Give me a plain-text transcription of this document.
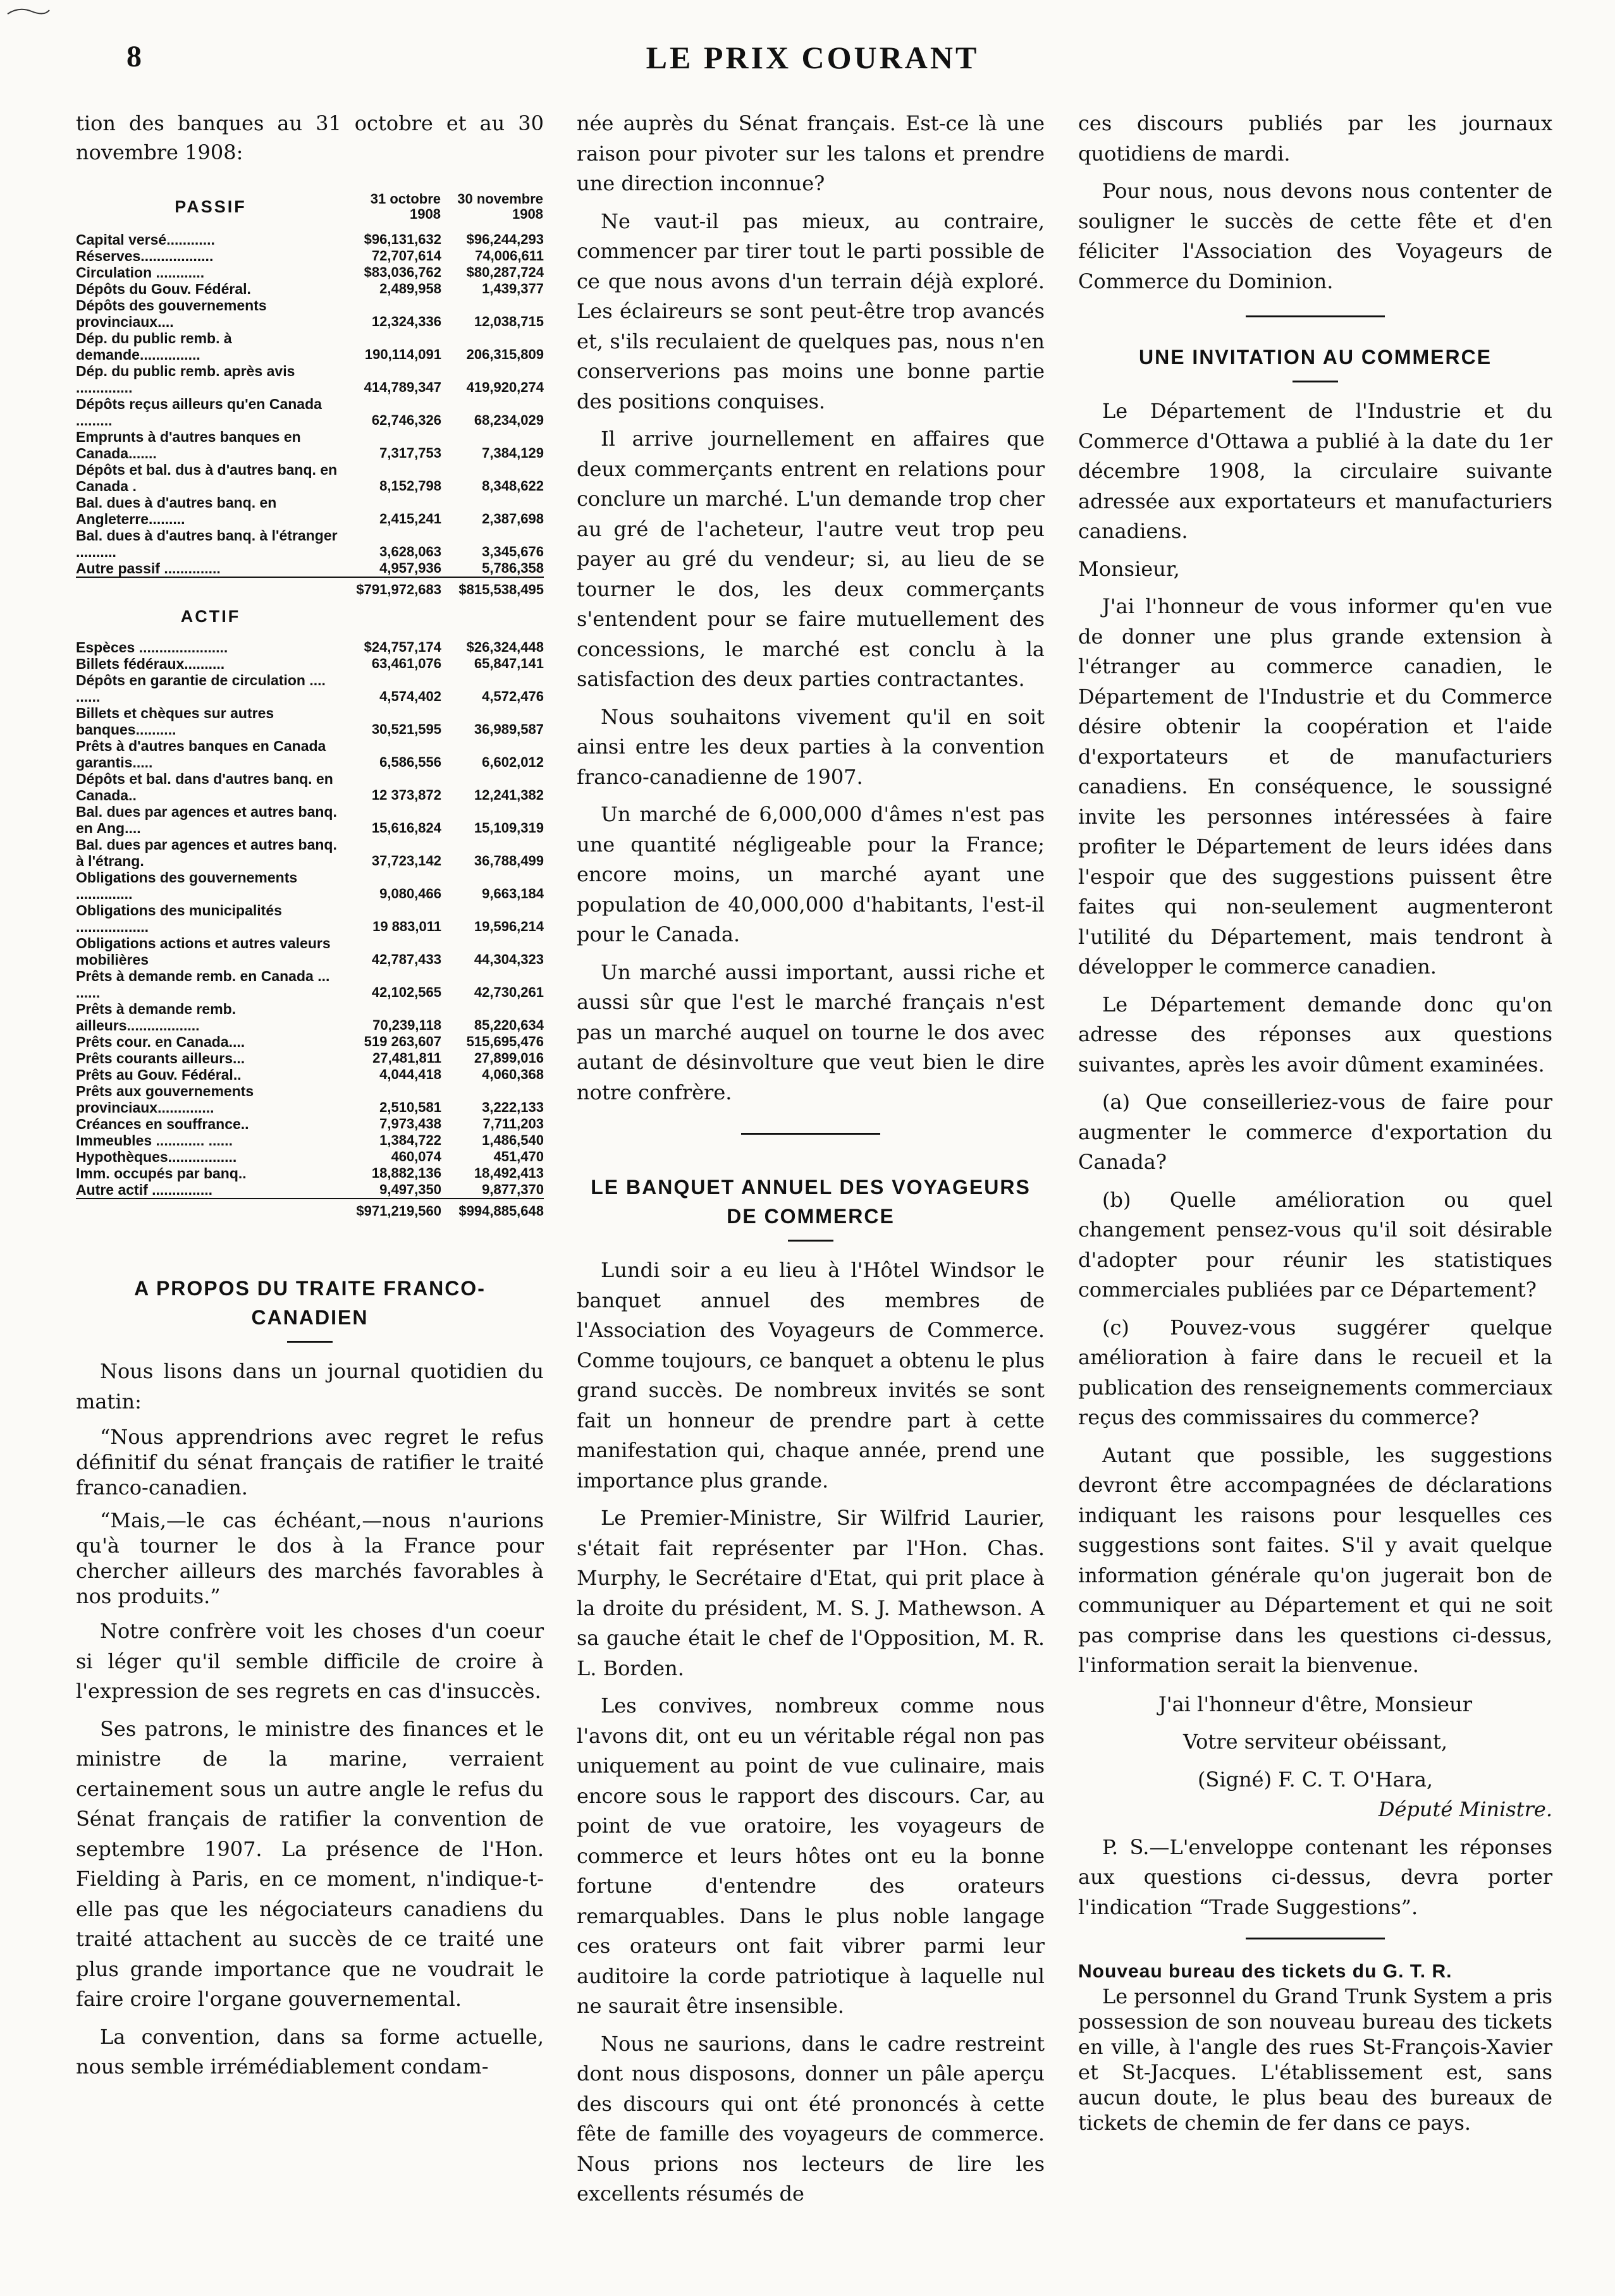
8	LE PRIX COURANT

tion des banques au 31 octobre et au 30 novembre 1908:

PASSIF	31 octobre 1908	30 novembre 1908

Capital versé............	$96,131,632	$96,244,293
Réserves..................	72,707,614	74,006,611
Circulation ............	$83,036,762	$80,287,724
Dépôts du Gouv. Fédéral.	2,489,958	1,439,377
Dépôts des gouvernements provinciaux....	12,324,336	12,038,715
Dép. du public remb. à demande...............	190,114,091	206,315,809
Dép. du public remb. après avis ..............	414,789,347	419,920,274
Dépôts reçus ailleurs qu'en Canada .........	62,746,326	68,234,029
Emprunts à d'autres banques en Canada.......	7,317,753	7,384,129
Dépôts et bal. dus à d'autres banq. en Canada .	8,152,798	8,348,622
Bal. dues à d'autres banq. en Angleterre.........	2,415,241	2,387,698
Bal. dues à d'autres banq. à l'étranger ..........	3,628,063	3,345,676
Autre passif ..............	4,957,936	5,786,358
	$791,972,683	$815,538,495
ACTIF		
Espèces ......................	$24,757,174	$26,324,448
Billets fédéraux..........	63,461,076	65,847,141
Dépôts en garantie de circulation .... ......	4,574,402	4,572,476
Billets et chèques sur autres banques..........	30,521,595	36,989,587
Prêts à d'autres banques en Canada garantis.....	6,586,556	6,602,012
Dépôts et bal. dans d'autres banq. en Canada..	12 373,872	12,241,382
Bal. dues par agences et autres banq. en Ang....	15,616,824	15,109,319
Bal. dues par agences et autres banq. à l'étrang.	37,723,142	36,788,499
Obligations des gouvernements ..............	9,080,466	9,663,184
Obligations des municipalités ..................	19 883,011	19,596,214
Obligations actions et autres valeurs mobilières	42,787,433	44,304,323
Prêts à demande remb. en Canada ... ......	42,102,565	42,730,261
Prêts à demande remb. ailleurs..................	70,239,118	85,220,634
Prêts cour. en Canada....	519 263,607	515,695,476
Prêts courants ailleurs...	27,481,811	27,899,016
Prêts au Gouv. Fédéral..	4,044,418	4,060,368
Prêts aux gouvernements provinciaux..............	2,510,581	3,222,133
Créances en souffrance..	7,973,438	7,711,203
Immeubles ............ ......	1,384,722	1,486,540
Hypothèques.................	460,074	451,470
Imm. occupés par banq..	18,882,136	18,492,413
Autre actif ...............	9,497,350	9,877,370
	$971,219,560	$994,885,648
A PROPOS DU TRAITE FRANCO-CANADIEN

Nous lisons dans un journal quotidien du matin:

“Nous apprendrions avec regret le refus définitif du sénat français de ratifier le traité franco-canadien.

“Mais,—le cas échéant,—nous n'aurions qu'à tourner le dos à la France pour chercher ailleurs des marchés favorables à nos produits.”

Notre confrère voit les choses d'un coeur si léger qu'il semble difficile de croire à l'expression de ses regrets en cas d'insuccès.

Ses patrons, le ministre des finances et le ministre de la marine, verraient certainement sous un autre angle le refus du Sénat français de ratifier la convention de septembre 1907. La présence de l'Hon. Fielding à Paris, en ce moment, n'indique-t-elle pas que les négociateurs canadiens du traité attachent au succès de ce traité une plus grande importance que ne voudrait le faire croire l'organe gouvernemental.

La convention, dans sa forme actuelle, nous semble irrémédiablement condam-

née auprès du Sénat français. Est-ce là une raison pour pivoter sur les talons et prendre une direction inconnue?

Ne vaut-il pas mieux, au contraire, commencer par tirer tout le parti possible de ce que nous avons d'un terrain déjà exploré. Les éclaireurs se sont peut-être trop avancés et, s'ils reculaient de quelques pas, nous n'en conserverions pas moins une bonne partie des positions conquises.

Il arrive journellement en affaires que deux commerçants entrent en relations pour conclure un marché. L'un demande trop cher au gré de l'acheteur, l'autre veut trop peu payer au gré du vendeur; si, au lieu de se tourner le dos, les deux commerçants s'entendent pour se faire mutuellement des concessions, le marché est conclu à la satisfaction des deux parties contractantes.

Nous souhaitons vivement qu'il en soit ainsi entre les deux parties à la convention franco-canadienne de 1907.

Un marché de 6,000,000 d'âmes n'est pas une quantité négligeable pour la France; encore moins, un marché ayant une population de 40,000,000 d'habitants, l'est-il pour le Canada.

Un marché aussi important, aussi riche et aussi sûr que l'est le marché français n'est pas un marché auquel on tourne le dos avec autant de désinvolture que veut bien le dire notre confrère.

LE BANQUET ANNUEL DES VOYAGEURS DE COMMERCE

Lundi soir a eu lieu à l'Hôtel Windsor le banquet annuel des membres de l'Association des Voyageurs de Commerce. Comme toujours, ce banquet a obtenu le plus grand succès. De nombreux invités se sont fait un honneur de prendre part à cette manifestation qui, chaque année, prend une importance plus grande.

Le Premier-Ministre, Sir Wilfrid Laurier, s'était fait représenter par l'Hon. Chas. Murphy, le Secrétaire d'Etat, qui prit place à la droite du président, M. S. J. Mathewson. A sa gauche était le chef de l'Opposition, M. R. L. Borden.

Les convives, nombreux comme nous l'avons dit, ont eu un véritable régal non pas uniquement au point de vue culinaire, mais encore sous le rapport des discours. Car, au point de vue oratoire, les voyageurs de commerce et leurs hôtes ont eu la bonne fortune d'entendre des orateurs remarquables. Dans le plus noble langage ces orateurs ont fait vibrer parmi leur auditoire la corde patriotique à laquelle nul ne saurait être insensible.

Nous ne saurions, dans le cadre restreint dont nous disposons, donner un pâle aperçu des discours qui ont été prononcés à cette fête de famille des voyageurs de commerce. Nous prions nos lecteurs de lire les excellents résumés de

ces discours publiés par les journaux quotidiens de mardi.

Pour nous, nous devons nous contenter de souligner le succès de cette fête et d'en féliciter l'Association des Voyageurs de Commerce du Dominion.

UNE INVITATION AU COMMERCE

Le Département de l'Industrie et du Commerce d'Ottawa a publié à la date du 1er décembre 1908, la circulaire suivante adressée aux exportateurs et manufacturiers canadiens.

Monsieur,

J'ai l'honneur de vous informer qu'en vue de donner une plus grande extension à l'étranger au commerce canadien, le Département de l'Industrie et du Commerce désire obtenir la coopération et l'aide d'exportateurs et de manufacturiers canadiens. En conséquence, le soussigné invite les personnes intéressées à faire profiter le Département de leurs idées dans l'espoir que des suggestions puissent être faites qui non-seulement augmenteront l'utilité du Département, mais tendront à développer le commerce canadien.

Le Département demande donc qu'on adresse des réponses aux questions suivantes, après les avoir dûment examinées.

(a) Que conseilleriez-vous de faire pour augmenter le commerce d'exportation du Canada?

(b) Quelle amélioration ou quel changement pensez-vous qu'il soit désirable d'adopter pour réunir les statistiques commerciales publiées par ce Département?

(c) Pouvez-vous suggérer quelque amélioration à faire dans le recueil et la publication des renseignements commerciaux reçus des commissaires du commerce?

Autant que possible, les suggestions devront être accompagnées de déclarations indiquant les raisons pour lesquelles ces suggestions sont faites. S'il y avait quelque information générale qu'on jugerait bon de communiquer au Département et qui ne soit pas comprise dans les questions ci-dessus, l'information serait la bienvenue.

J'ai l'honneur d'être, Monsieur

Votre serviteur obéissant,

(Signé) F. C. T. O'Hara,

Député Ministre.

P. S.—L'enveloppe contenant les réponses aux questions ci-dessus, devra porter l'indication “Trade Suggestions”.

Nouveau bureau des tickets du G. T. R.

Le personnel du Grand Trunk System a pris possession de son nouveau bureau des tickets en ville, à l'angle des rues St-François-Xavier et St-Jacques. L'établissement est, sans aucun doute, le plus beau des bureaux de tickets de chemin de fer dans ce pays.
